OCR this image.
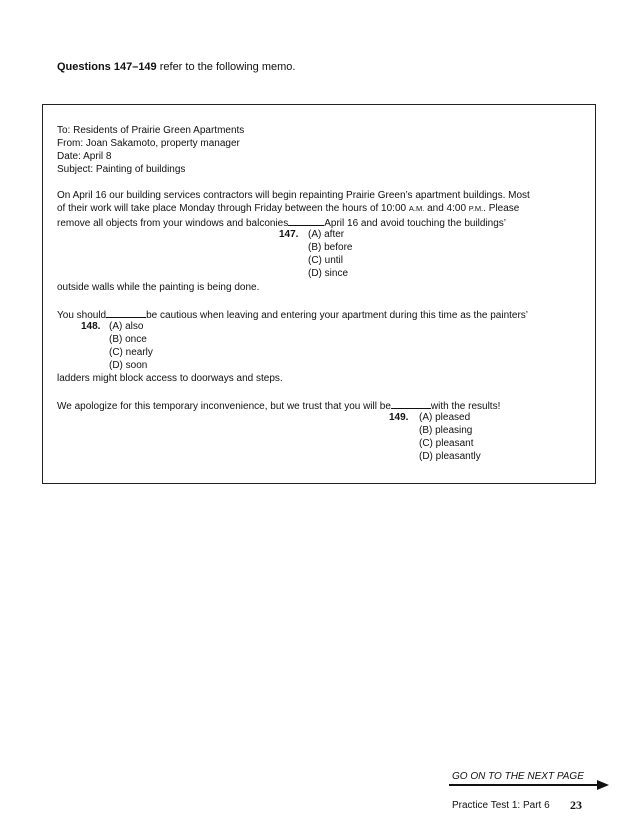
Questions 147–149 refer to the following memo.
To: Residents of Prairie Green Apartments
From: Joan Sakamoto, property manager
Date: April 8
Subject: Painting of buildings
On April 16 our building services contractors will begin repainting Prairie Green’s apartment buildings. Most
of their work will take place Monday through Friday between the hours of 10:00 A.M. and 4:00 P.M.. Please
remove all objects from your windows and balconies	April 16 and avoid touching the buildings’
147. (A) after
(B) before
(C) until
(D) since
outside walls while the painting is being done.
You should	be cautious when leaving and entering your apartment during this time as the painters’
148. (A) also
(B) once
(C) nearly
(D) soon
ladders might block access to doorways and steps.
We apologize for this temporary inconvenience, but we trust that you will be	with the results!
149. (A) pleased
(B) pleasing
(C) pleasant
(D) pleasantly
GO ON TO THE NEXT PAGE
Practice Test 1: Part 6 23
